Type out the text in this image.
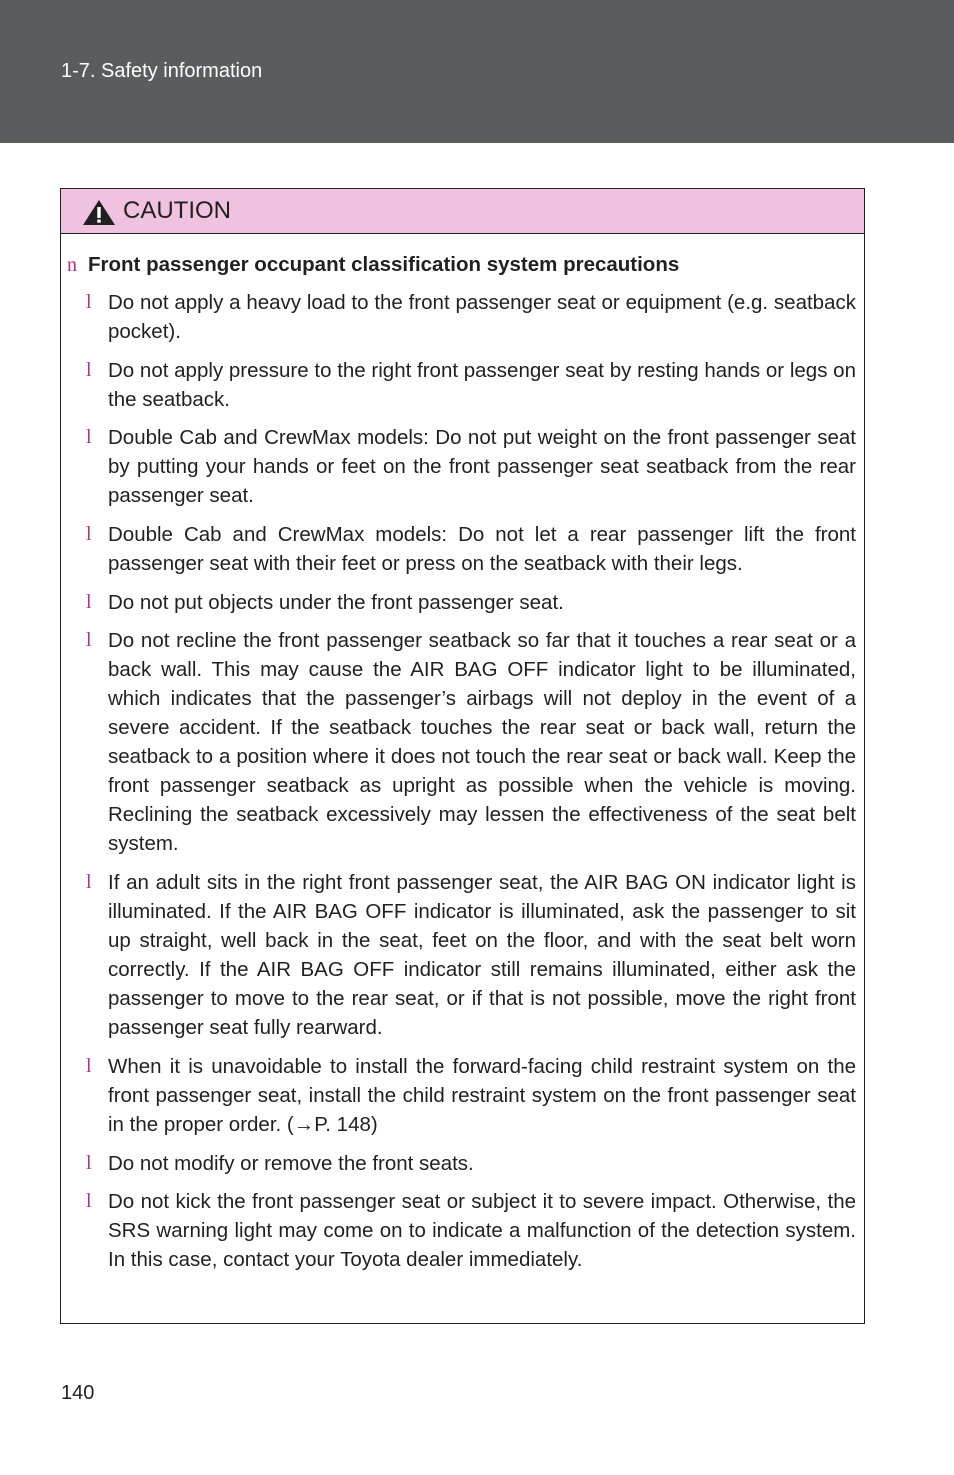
1-7. Safety information
CAUTION
n Front passenger occupant classification system precautions
l Do not apply a heavy load to the front passenger seat or equipment (e.g. seatback pocket).
l Do not apply pressure to the right front passenger seat by resting hands or legs on the seatback.
l Double Cab and CrewMax models: Do not put weight on the front passenger seat by putting your hands or feet on the front passenger seat seatback from the rear passenger seat.
l Double Cab and CrewMax models: Do not let a rear passenger lift the front passenger seat with their feet or press on the seatback with their legs.
l Do not put objects under the front passenger seat.
l Do not recline the front passenger seatback so far that it touches a rear seat or a back wall. This may cause the AIR BAG OFF indicator light to be illuminated, which indicates that the passenger’s airbags will not deploy in the event of a severe accident. If the seatback touches the rear seat or back wall, return the seatback to a position where it does not touch the rear seat or back wall. Keep the front passenger seatback as upright as possible when the vehicle is moving. Reclining the seatback excessively may lessen the effectiveness of the seat belt system.
l If an adult sits in the right front passenger seat, the AIR BAG ON indicator light is illuminated. If the AIR BAG OFF indicator is illuminated, ask the passenger to sit up straight, well back in the seat, feet on the floor, and with the seat belt worn correctly. If the AIR BAG OFF indicator still remains illuminated, either ask the passenger to move to the rear seat, or if that is not possible, move the right front passenger seat fully rearward.
l When it is unavoidable to install the forward-facing child restraint system on the front passenger seat, install the child restraint system on the front passenger seat in the proper order. (→P. 148)
l Do not modify or remove the front seats.
l Do not kick the front passenger seat or subject it to severe impact. Otherwise, the SRS warning light may come on to indicate a malfunction of the detection system. In this case, contact your Toyota dealer immediately.
140
